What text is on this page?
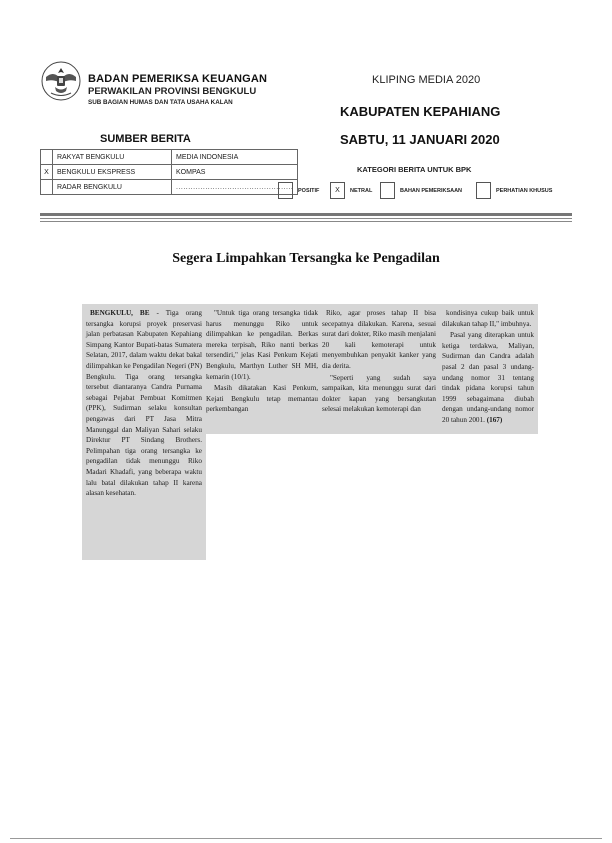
BADAN PEMERIKSA KEUANGAN
PERWAKILAN PROVINSI BENGKULU
SUB BAGIAN HUMAS DAN TATA USAHA KALAN
KLIPING MEDIA 2020
KABUPATEN KEPAHIANG
SABTU, 11 JANUARI 2020
SUMBER BERITA
	RAKYAT BENGKULU	MEDIA INDONESIA
X	BENGKULU EKSPRESS	KOMPAS
	RADAR BENGKULU	................................................
KATEGORI BERITA UNTUK BPK
POSITIF	X	NETRAL	BAHAN PEMERIKSAAN	PERHATIAN KHUSUS
Segera Limpahkan Tersangka ke Pengadilan

BENGKULU, BE - Tiga orang tersangka korupsi proyek preservasi jalan perbatasan Kabupaten Kepahiang Simpang Kantor Bupati-batas Sumatera Selatan, 2017, dalam waktu dekat bakal dilimpahkan ke Pengadilan Negeri (PN) Bengkulu. Tiga orang tersangka tersebut diantaranya Candra Purnama sebagai Pejabat Pembuat Komitmen (PPK), Sudirman selaku konsultan pengawas dari PT Jasa Mitra Manunggal dan Maliyan Sahari selaku Direktur PT Sindang Brothers. Pelimpahan tiga orang tersangka ke pengadilan tidak menunggu Riko Madari Khadafi, yang beberapa waktu lalu batal dilakukan tahap II karena alasan kesehatan.

"Untuk tiga orang tersangka tidak harus menunggu Riko untuk dilimpahkan ke pengadilan. Berkas mereka terpisah, Riko nanti berkas tersendiri," jelas Kasi Penkum Kejati Bengkulu, Marthyn Luther SH MH, kemarin (10/1).

Masih dikatakan Kasi Penkum, Kejati Bengkulu tetap memantau perkembangan

Riko, agar proses tahap II bisa secepatnya dilakukan. Karena, sesuai surat dari dokter, Riko masih menjalani 20 kali kemoterapi untuk menyembuhkan penyakit kanker yang dia derita.

"Seperti yang sudah saya sampaikan, kita menunggu surat dari dokter kapan yang bersangkutan selesai melakukan kemoterapi dan

kondisinya cukup baik untuk dilakukan tahap II," imbuhnya.

Pasal yang diterapkan untuk ketiga terdakwa, Maliyan, Sudirman dan Candra adalah pasal 2 dan pasal 3 undang-undang nomor 31 tentang tindak pidana korupsi tahun 1999 sebagaimana diubah dengan undang-undang nomor 20 tahun 2001. (167)
